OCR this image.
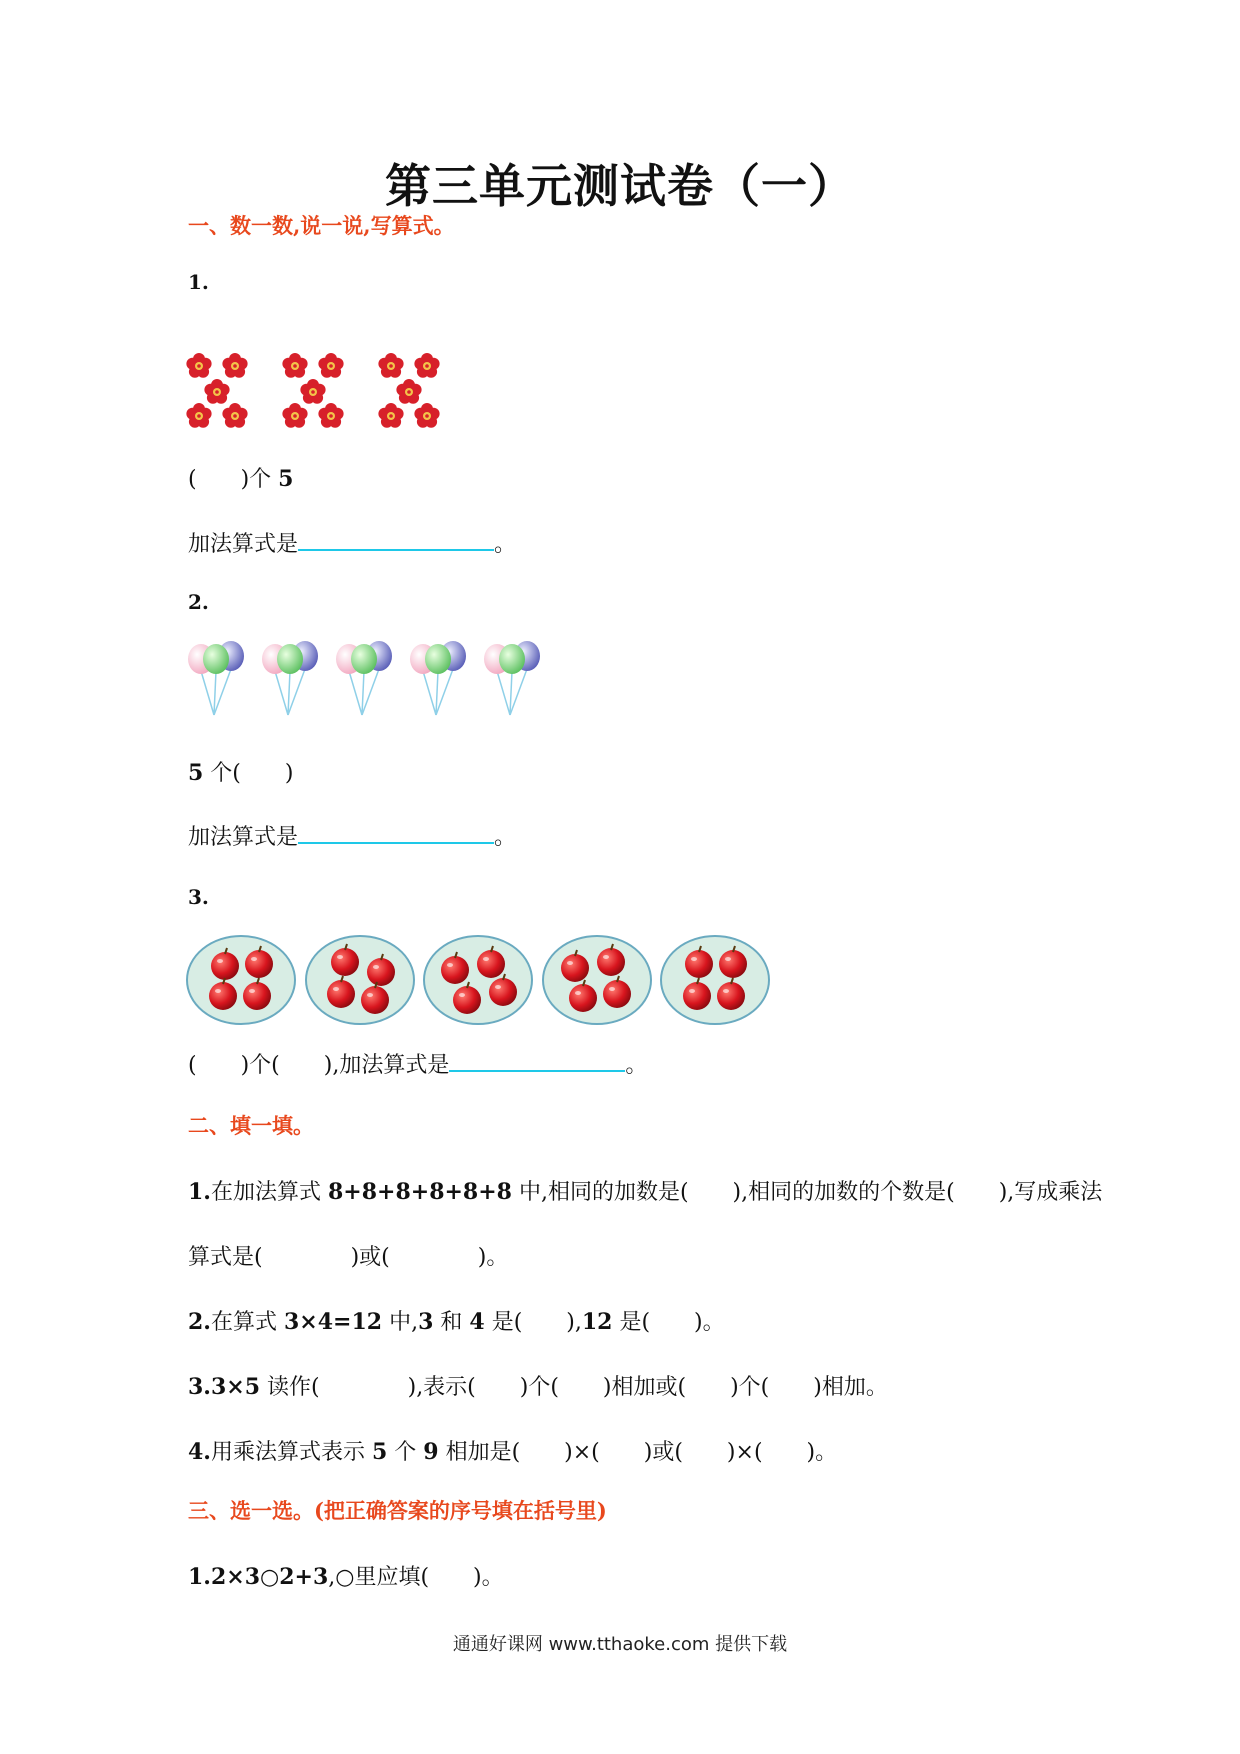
第三单元测试卷（一）
一、数一数,说一说,写算式。
1.
(　　)个 5
加法算式是	。
2.
5 个(　　)
加法算式是	。
3.
(　　)个(　　),加法算式是	。
二、填一填。
1.在加法算式 8+8+8+8+8+8 中,相同的加数是(　　),相同的加数的个数是(　　),写成乘法
算式是(　　　　)或(　　　　)。
2.在算式 3×4=12 中,3 和 4 是(　　),12 是(　　)。
3.3×5 读作(　　　　),表示(　　)个(　　)相加或(　　)个(　　)相加。
4.用乘法算式表示 5 个 9 相加是(　　)×(　　)或(　　)×(　　)。
三、选一选。(把正确答案的序号填在括号里)
1.2×3○2+3,○里应填(　　)。
通通好课网 www.tthaoke.com 提供下载
